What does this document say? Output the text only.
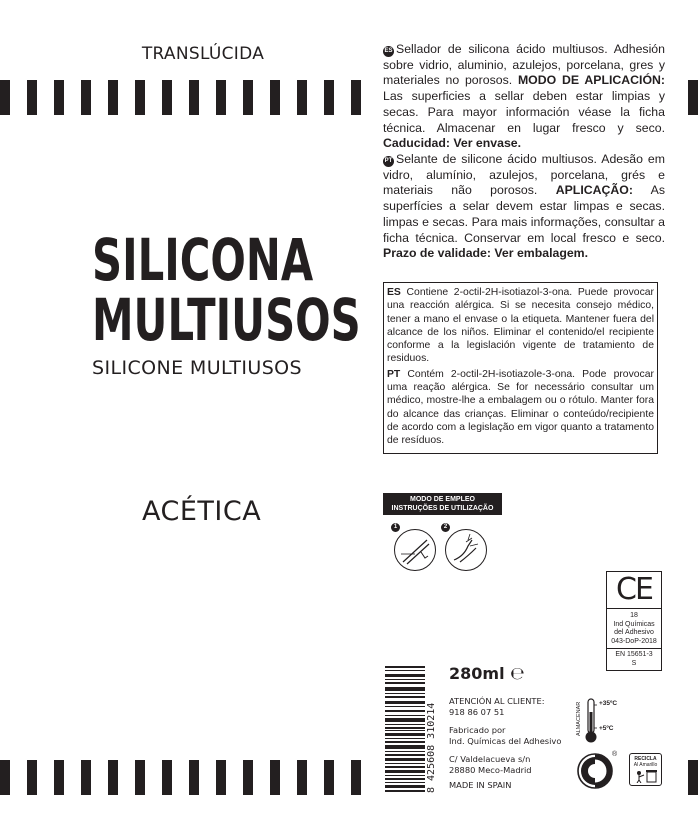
TRANSLÚCIDA
SILICONA
MULTIUSOS
SILICONE MULTIUSOS
ACÉTICA
ES Sellador de silicona ácido multiusos. Adhesión sobre vidrio, aluminio, azulejos, porcelana, gres y materiales no porosos. MODO DE APLICACIÓN: Las superficies a sellar deben estar limpias y secas. Para mayor información véase la ficha técnica. Almacenar en lugar fresco y seco. Caducidad: Ver envase.
PT Selante de silicone ácido multiusos. Adesão em vidro, alumínio, azulejos, porcelana, grés e materiais não porosos. APLICAÇÃO: As superfícies a selar devem estar limpas e secas. limpas e secas. Para mais informações, consultar a ficha técnica. Conservar em local fresco e seco. Prazo de validade: Ver embalagem.

ES Contiene 2-octil-2H-isotiazol-3-ona. Puede provocar una reacción alérgica. Si se necesita consejo médico, tener a mano el envase o la etiqueta. Mantener fuera del alcance de los niños. Eliminar el contenido/el recipiente conforme a la legislación vigente de tratamiento de residuos.

PT Contém 2-octil-2H-isotiazole-3-ona. Pode provocar uma reação alérgica. Se for necessário consultar um médico, mostre-lhe a embalagem ou o rótulo. Manter fora do alcance das crianças. Eliminar o conteúdo/recipiente de acordo com a legislação em vigor quanto a tratamento de resíduos.

MODO DE EMPLEO
INSTRUÇÕES DE UTILIZAÇÃO
1	2
CE
18
Ind Químicas
del Adhesivo
043-DoP-2018
EN 15651-3
S
8 425608 310214
280ml ℮
ATENCIÓN AL CLIENTE:
918 86 07 51
Fabricado por
Ind. Químicas del Adhesivo
C/ Valdelacueva s/n
28880 Meco-Madrid
MADE IN SPAIN
ALMACENAR	+35ºC
+5ºC
®
RECICLA
Al Amarillo
